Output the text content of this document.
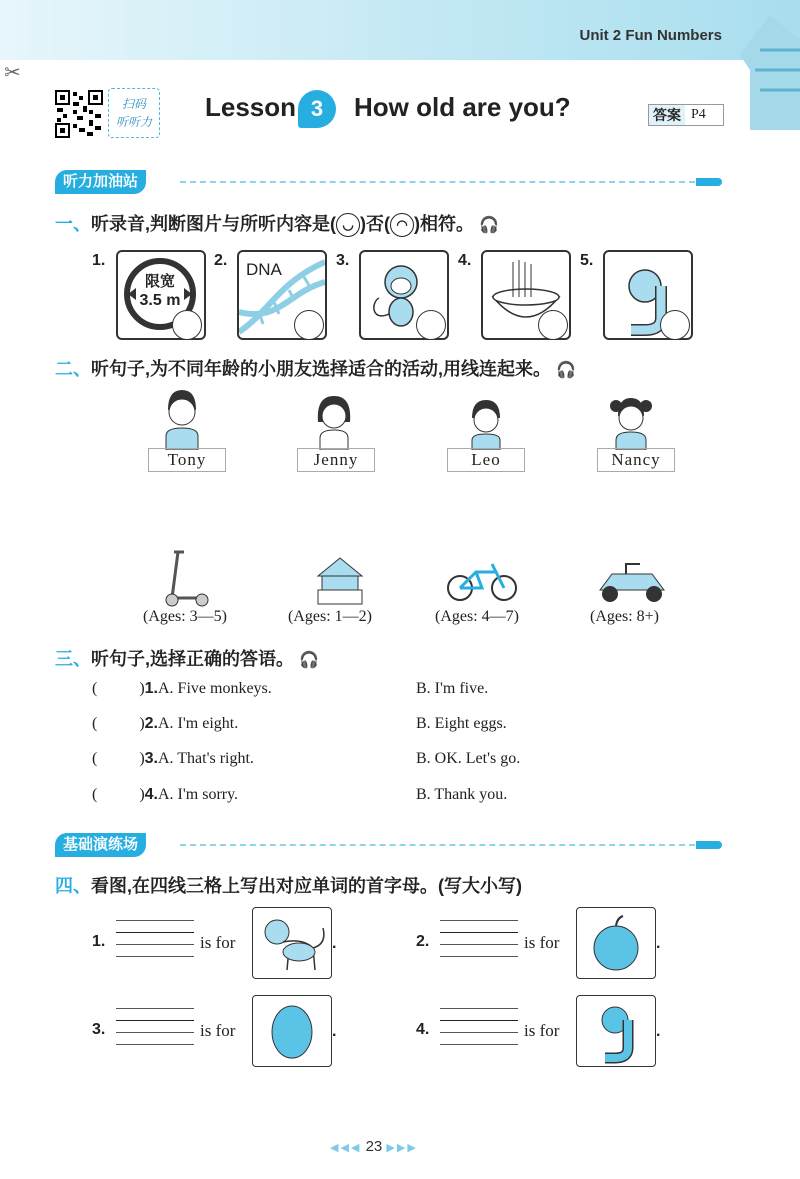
Unit 2 Fun Numbers
✂
扫码
听听力 Lesson 3	How old are you?	答案 P4
听力加油站
一、听录音,判断图片与所听内容是( ◡ )否( ◠ )相符。 🎧
1.
限宽
3.5 m
2. DNA	3.	4.	5.
二、听句子,为不同年龄的小朋友选择适合的活动,用线连起来。 🎧
Tony	Jenny	Leo	Nancy
(Ages: 3—5)	(Ages: 1—2)	(Ages: 4—7)	(Ages: 8+)
三、听句子,选择正确的答语。 🎧
(	)1.A. Five monkeys.	B. I'm five.
(	)2.A. I'm eight.	B. Eight eggs.
(	)3.A. That's right.	B. OK. Let's go.
(	)4.A. I'm sorry.	B. Thank you.
基础演练场
四、看图,在四线三格上写出对应单词的首字母。(写大小写)
1.	is for	.	2.	is for	.
3.	is for	.	4.	is for	.
◀◀◀ 23 ▶▶▶
